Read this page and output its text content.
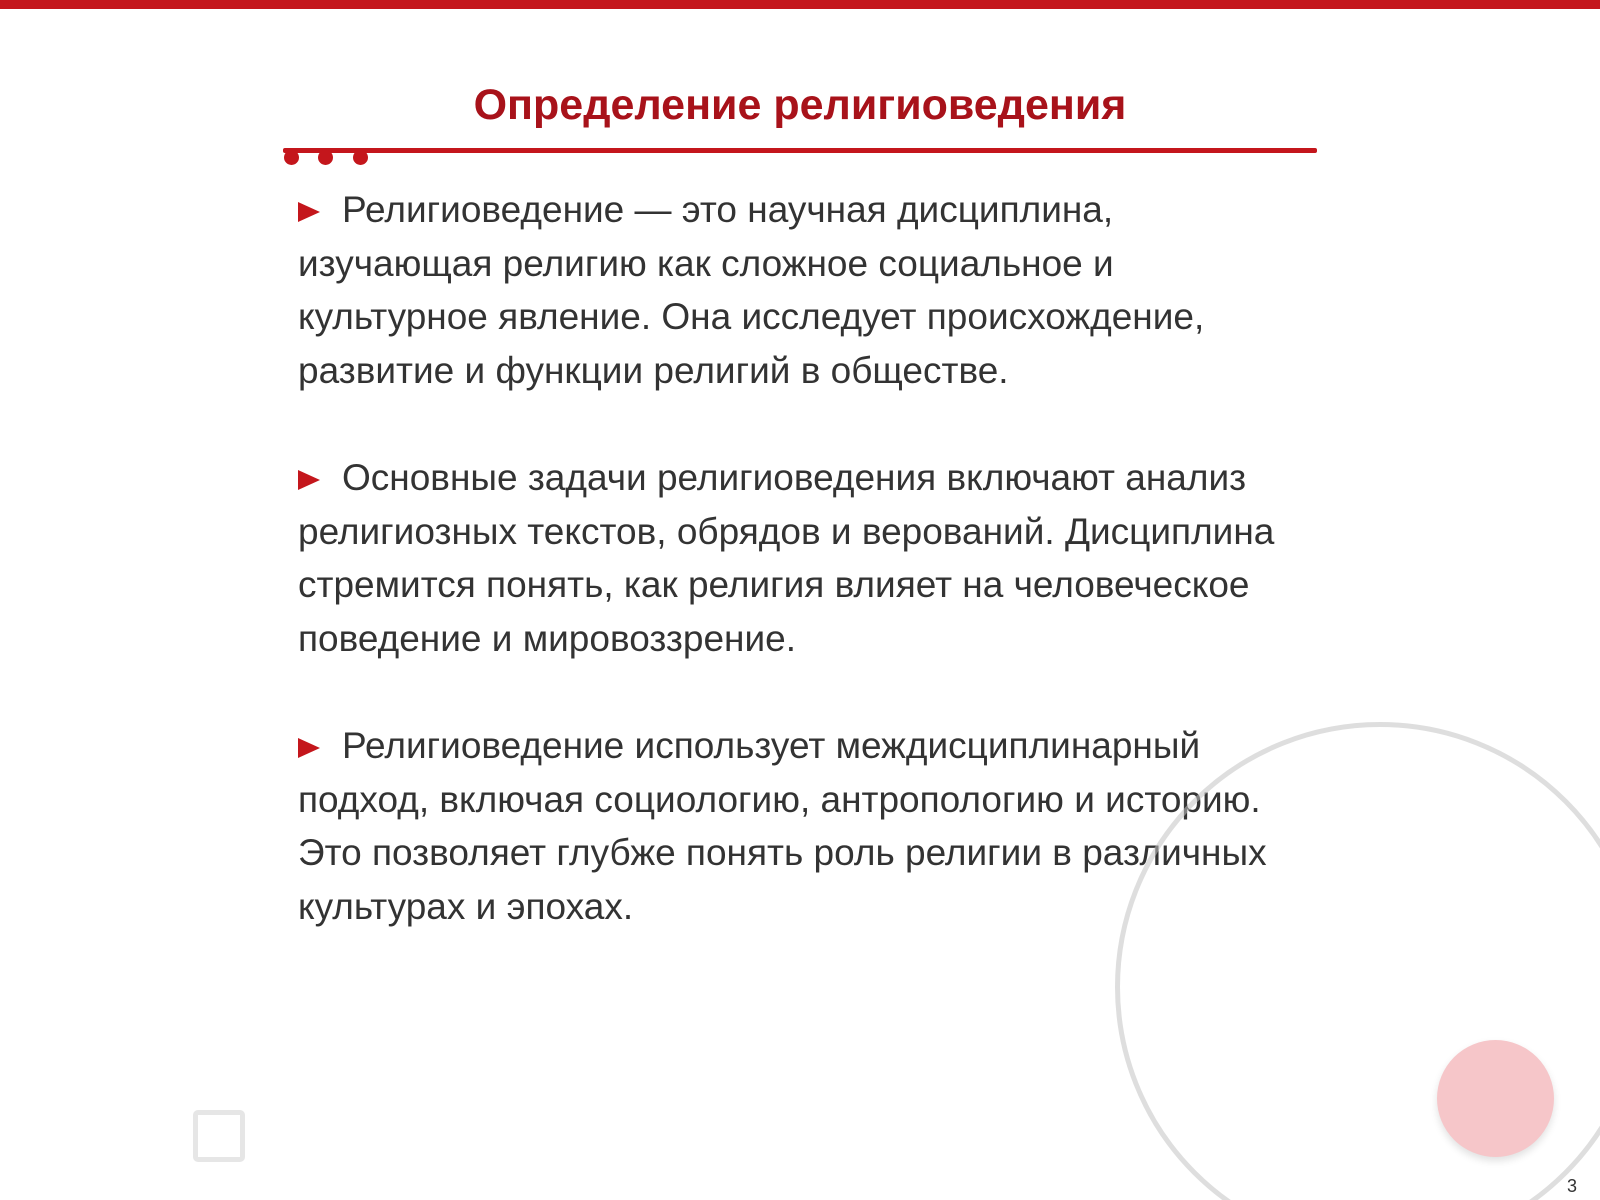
Определение религиоведения

Религиоведение — это научная дисциплина, изучающая религию как сложное социальное и культурное явление. Она исследует происхождение, развитие и функции религий в обществе.

Основные задачи религиоведения включают анализ религиозных текстов, обрядов и верований. Дисциплина стремится понять, как религия влияет на человеческое поведение и мировоззрение.

Религиоведение использует междисциплинарный подход, включая социологию, антропологию и историю. Это позволяет глубже понять роль религии в различных культурах и эпохах.

3
